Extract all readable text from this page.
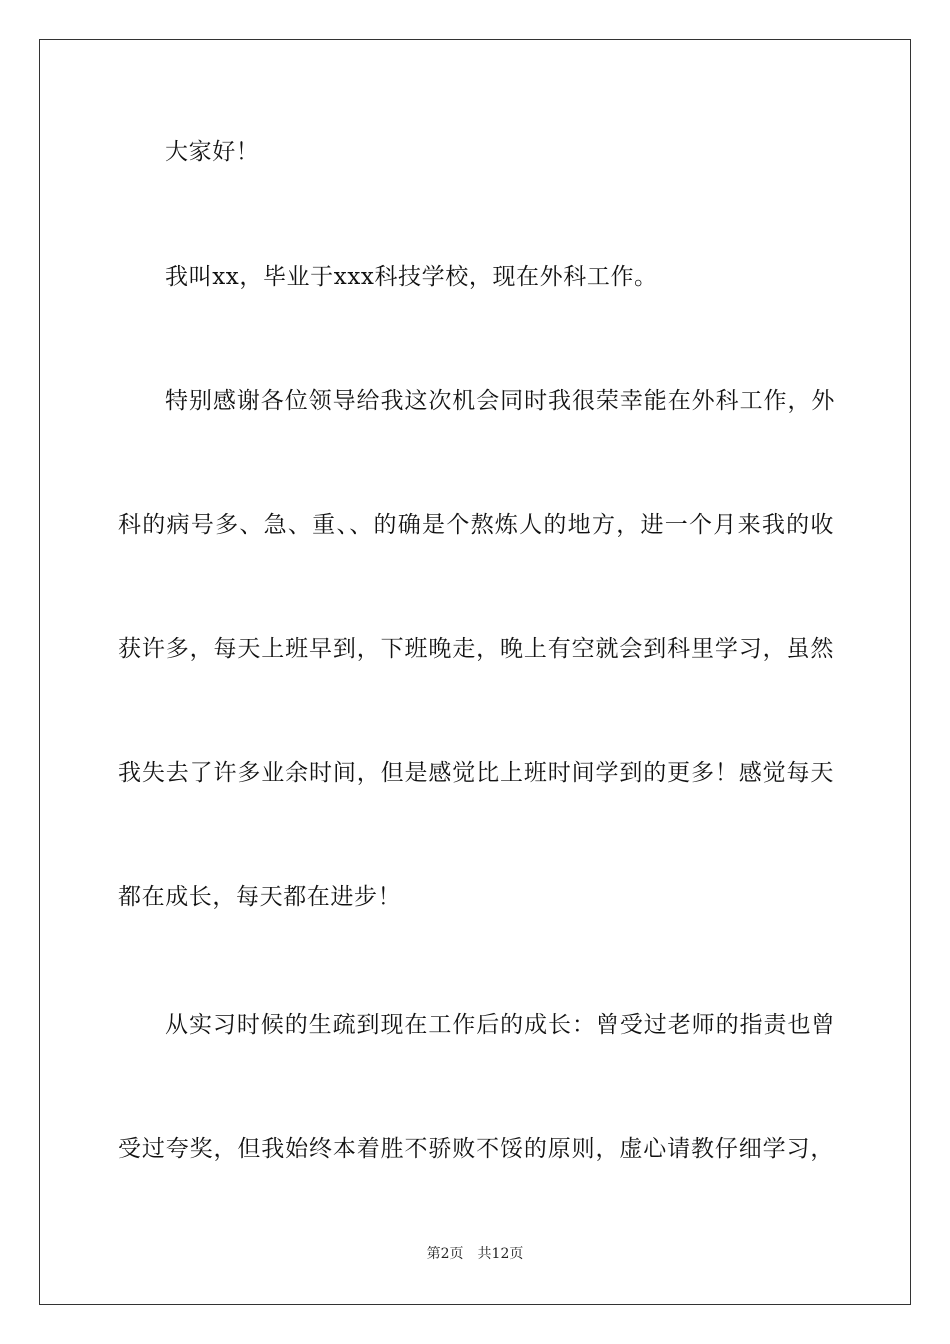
大家好！
我叫xx，毕业于xxx科技学校，现在外科工作。
特别感谢各位领导给我这次机会同时我很荣幸能在外科工作，外
科的病号多、急、重、、的确是个熬炼人的地方，进一个月来我的收
获许多，每天上班早到，下班晚走，晚上有空就会到科里学习，虽然
我失去了许多业余时间，但是感觉比上班时间学到的更多！感觉每天
都在成长，每天都在进步！
从实习时候的生疏到现在工作后的成长：曾受过老师的指责也曾
受过夸奖，但我始终本着胜不骄败不馁的原则，虚心请教仔细学习，
第2页 共12页
